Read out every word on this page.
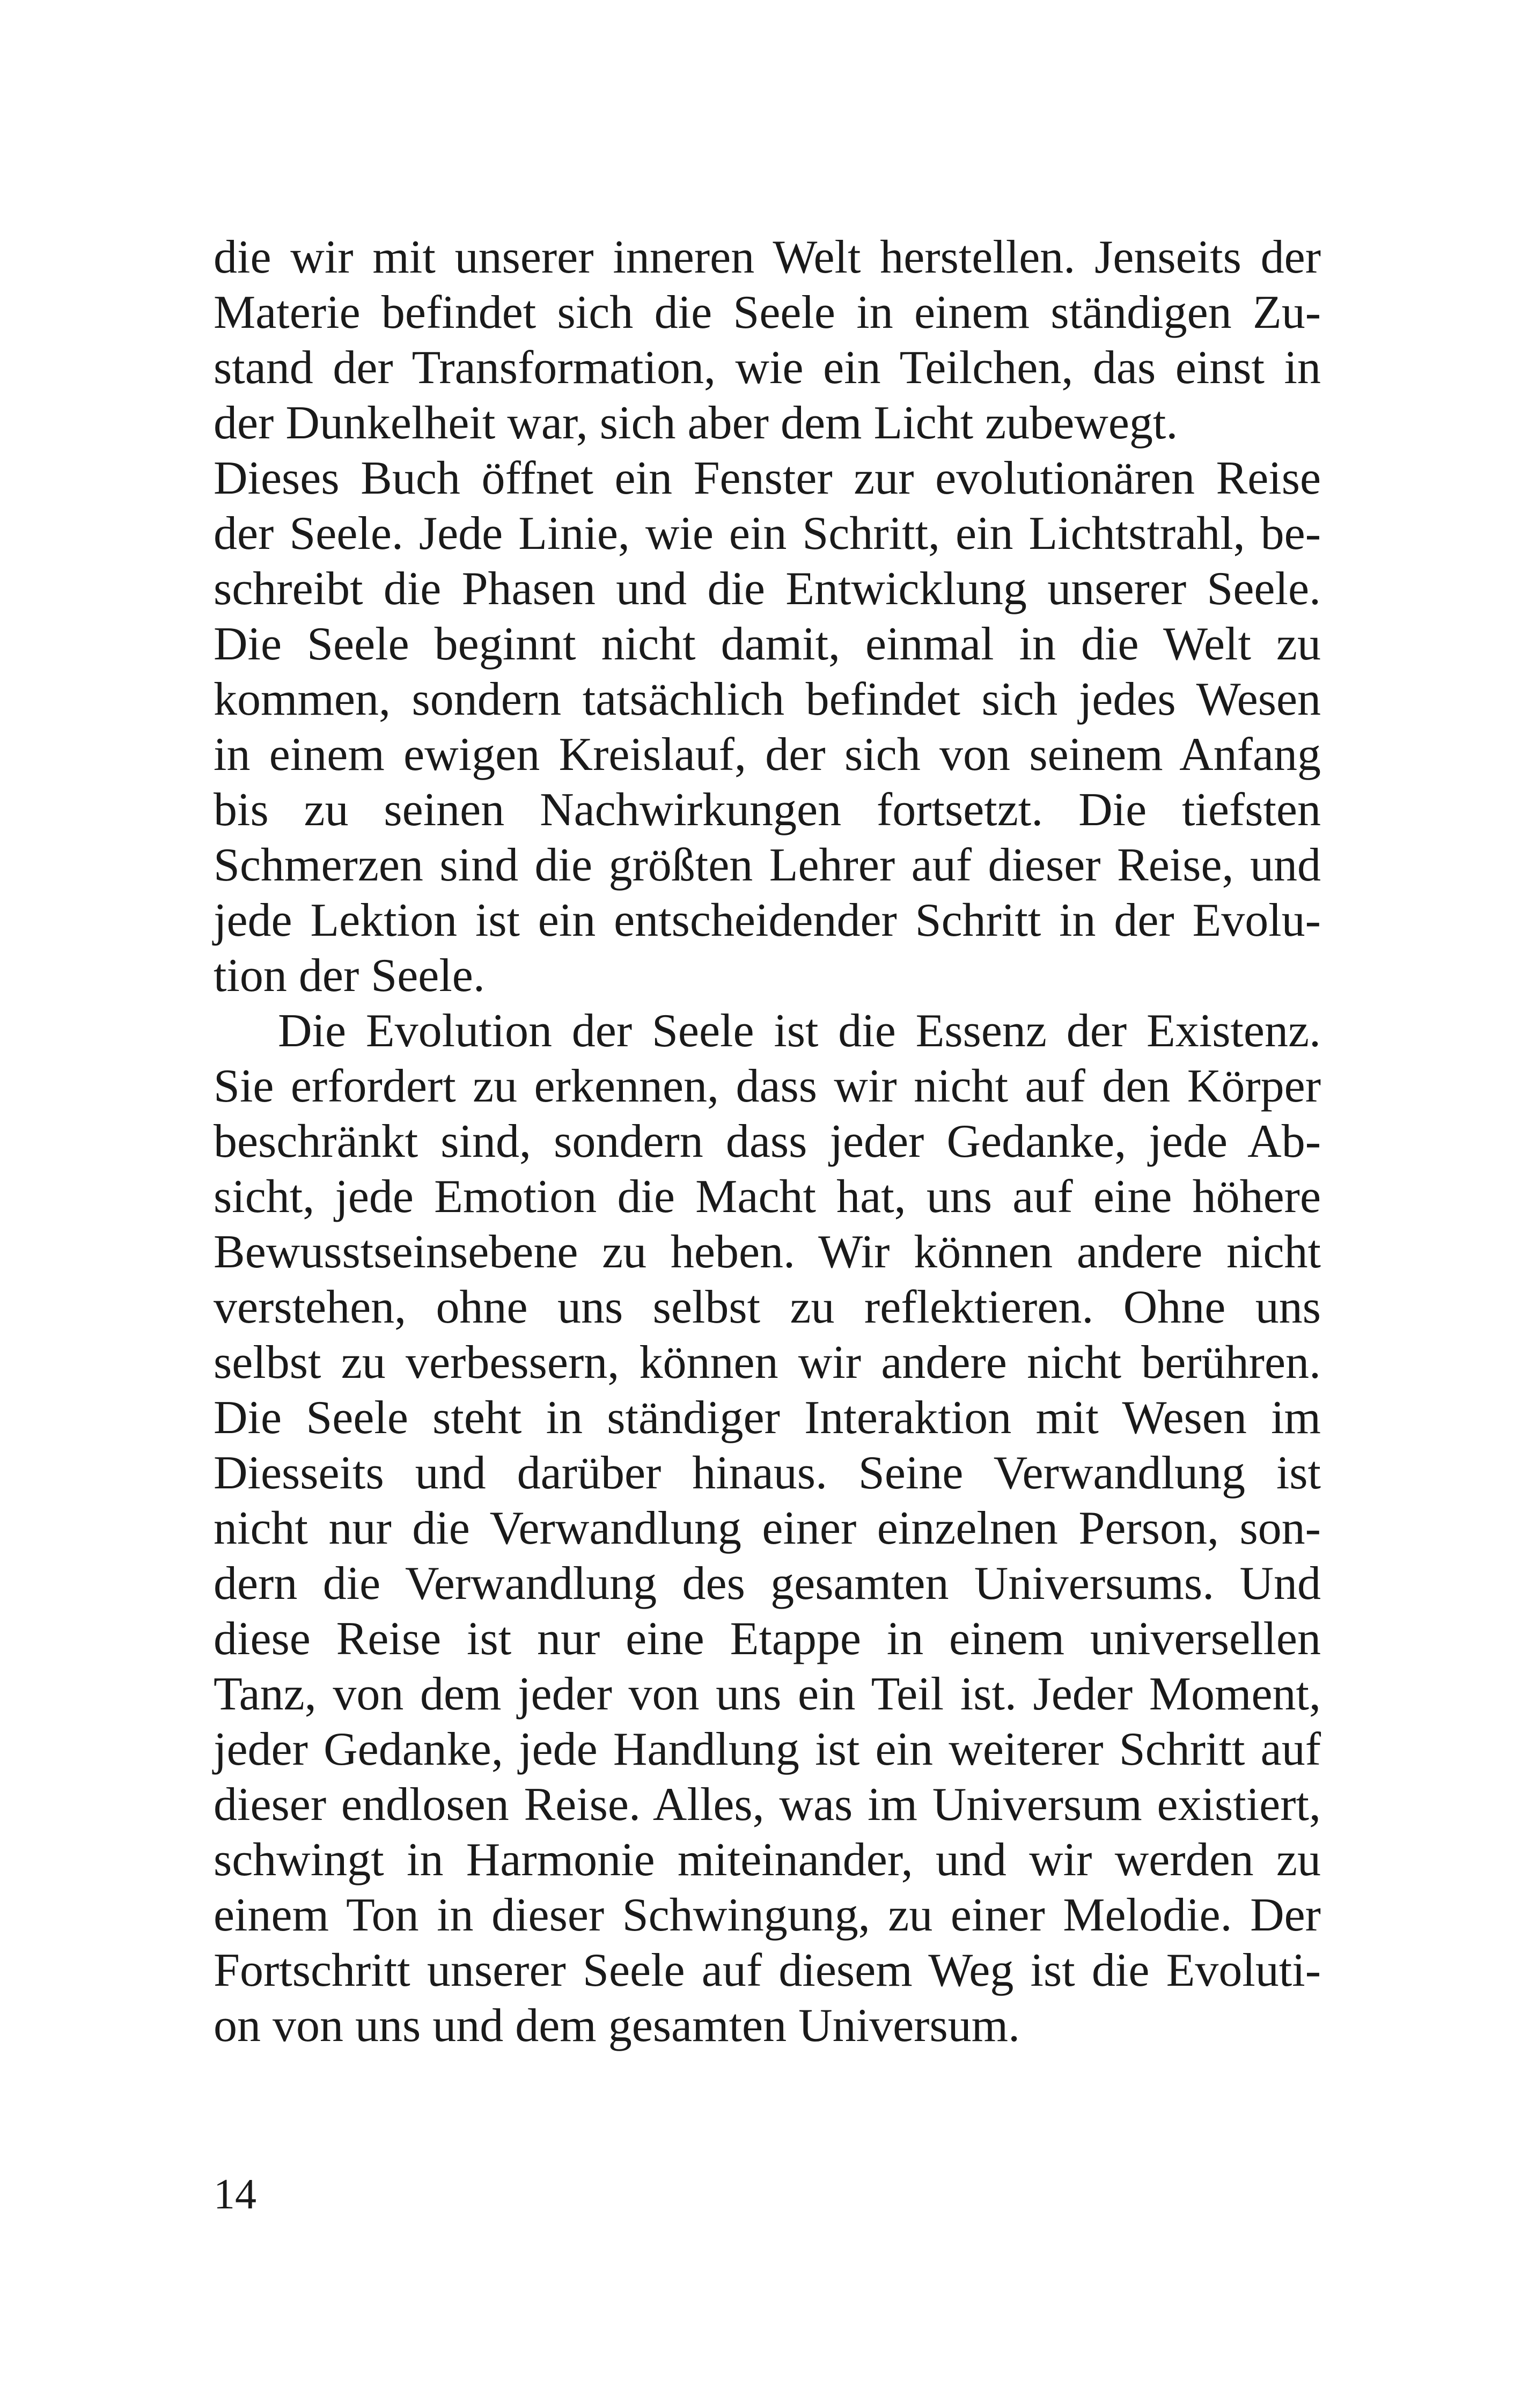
die wir mit unserer inneren Welt herstellen. Jenseits der
Materie befindet sich die Seele in einem ständigen Zu-
stand der Transformation, wie ein Teilchen, das einst in
der Dunkelheit war, sich aber dem Licht zubewegt.
Dieses Buch öffnet ein Fenster zur evolutionären Reise
der Seele. Jede Linie, wie ein Schritt, ein Lichtstrahl, be-
schreibt die Phasen und die Entwicklung unserer Seele.
Die Seele beginnt nicht damit, einmal in die Welt zu
kommen, sondern tatsächlich befindet sich jedes Wesen
in einem ewigen Kreislauf, der sich von seinem Anfang
bis zu seinen Nachwirkungen fortsetzt. Die tiefsten
Schmerzen sind die größten Lehrer auf dieser Reise, und
jede Lektion ist ein entscheidender Schritt in der Evolu-
tion der Seele.
Die Evolution der Seele ist die Essenz der Existenz.
Sie erfordert zu erkennen, dass wir nicht auf den Körper
beschränkt sind, sondern dass jeder Gedanke, jede Ab-
sicht, jede Emotion die Macht hat, uns auf eine höhere
Bewusstseinsebene zu heben. Wir können andere nicht
verstehen, ohne uns selbst zu reflektieren. Ohne uns
selbst zu verbessern, können wir andere nicht berühren.
Die Seele steht in ständiger Interaktion mit Wesen im
Diesseits und darüber hinaus. Seine Verwandlung ist
nicht nur die Verwandlung einer einzelnen Person, son-
dern die Verwandlung des gesamten Universums. Und
diese Reise ist nur eine Etappe in einem universellen
Tanz, von dem jeder von uns ein Teil ist. Jeder Moment,
jeder Gedanke, jede Handlung ist ein weiterer Schritt auf
dieser endlosen Reise. Alles, was im Universum existiert,
schwingt in Harmonie miteinander, und wir werden zu
einem Ton in dieser Schwingung, zu einer Melodie. Der
Fortschritt unserer Seele auf diesem Weg ist die Evoluti-
on von uns und dem gesamten Universum.
14
